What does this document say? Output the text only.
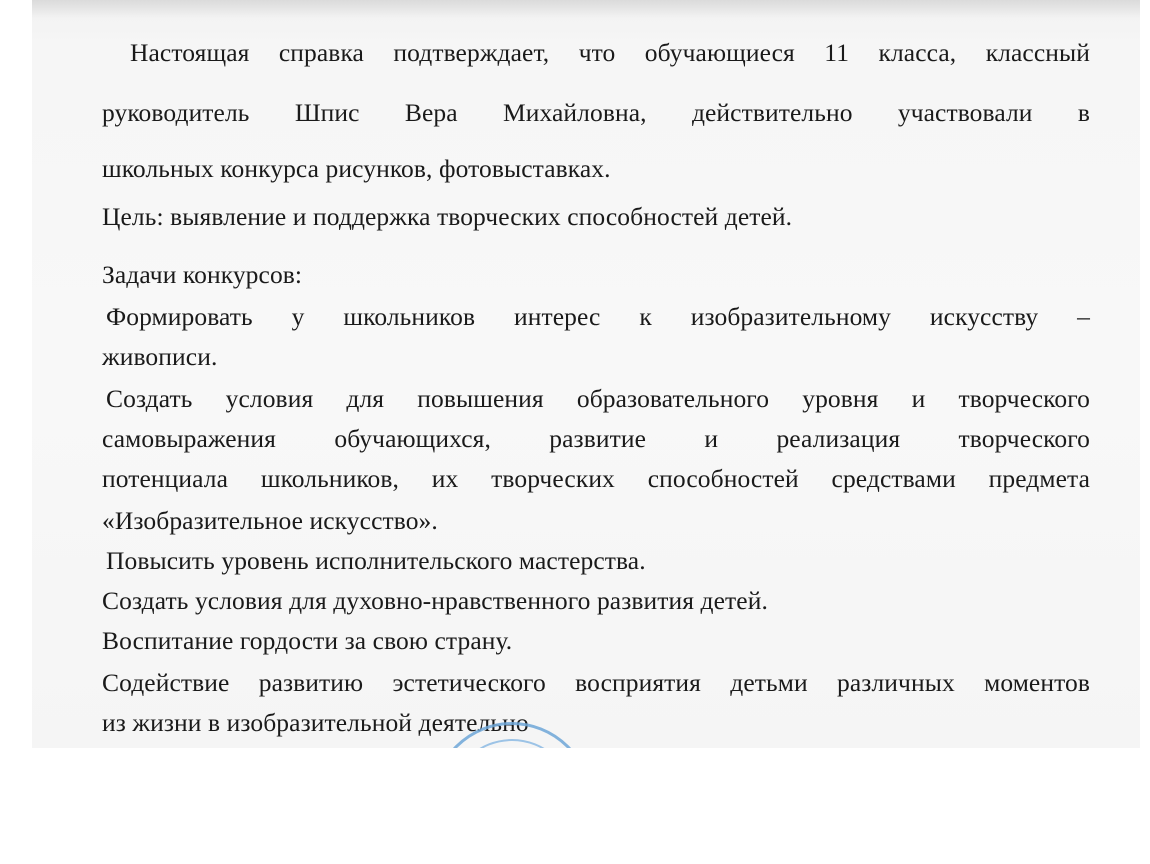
Настоящая справка подтверждает, что обучающиеся 11 класса, классный
руководитель Шпис Вера Михайловна, действительно участвовали в
школьных конкурса рисунков, фотовыставках.
Цель: выявление и поддержка творческих способностей детей.
Задачи конкурсов:
Формировать у школьников интерес к изобразительному искусству –
живописи.
Создать условия для повышения образовательного уровня и творческого
самовыражения обучающихся, развитие и реализация творческого
потенциала школьников, их творческих способностей средствами предмета
«Изобразительное искусство».
Повысить уровень исполнительского мастерства.
Создать условия для духовно-нравственного развития детей.
Воспитание гордости за свою страну.
Содействие развитию эстетического восприятия детьми различных моментов
из жизни в изобразительной деятельно
